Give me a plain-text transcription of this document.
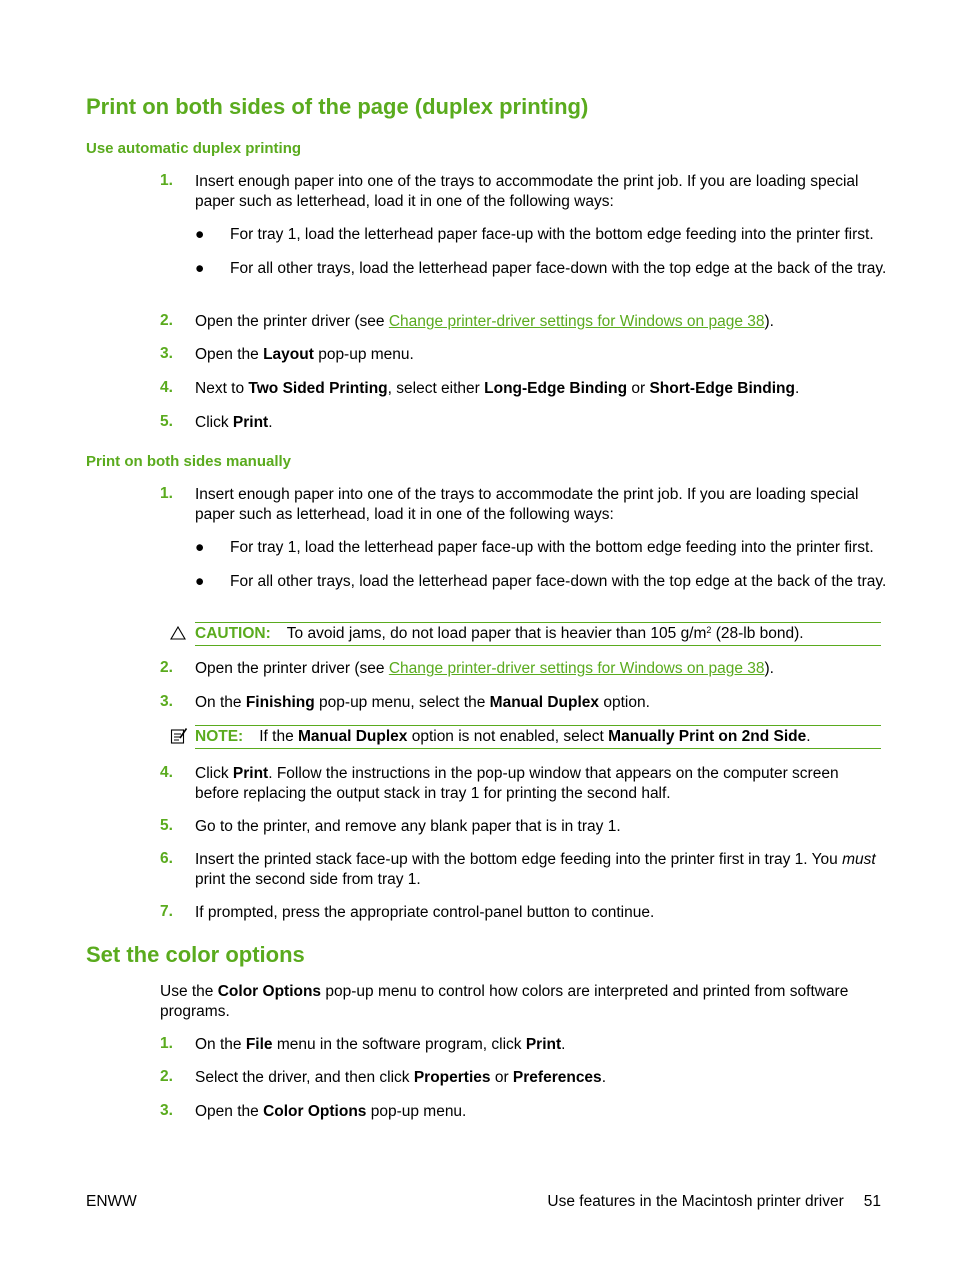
Print on both sides of the page (duplex printing)
Use automatic duplex printing
1. Insert enough paper into one of the trays to accommodate the print job. If you are loading special paper such as letterhead, load it in one of the following ways:
● For tray 1, load the letterhead paper face-up with the bottom edge feeding into the printer first.
● For all other trays, load the letterhead paper face-down with the top edge at the back of the tray.
2. Open the printer driver (see Change printer-driver settings for Windows on page 38).
3. Open the Layout pop-up menu.
4. Next to Two Sided Printing, select either Long-Edge Binding or Short-Edge Binding.
5. Click Print.
Print on both sides manually
1. Insert enough paper into one of the trays to accommodate the print job. If you are loading special paper such as letterhead, load it in one of the following ways:
● For tray 1, load the letterhead paper face-up with the bottom edge feeding into the printer first.
● For all other trays, load the letterhead paper face-down with the top edge at the back of the tray.
CAUTION: To avoid jams, do not load paper that is heavier than 105 $g/m^2$ (28-lb bond).
2. Open the printer driver (see Change printer-driver settings for Windows on page 38).
3. On the Finishing pop-up menu, select the Manual Duplex option.
NOTE: If the Manual Duplex option is not enabled, select Manually Print on 2nd Side.
4. Click Print. Follow the instructions in the pop-up window that appears on the computer screen before replacing the output stack in tray 1 for printing the second half.
5. Go to the printer, and remove any blank paper that is in tray 1.
6. Insert the printed stack face-up with the bottom edge feeding into the printer first in tray 1. You must print the second side from tray 1.
7. If prompted, press the appropriate control-panel button to continue.
Set the color options
Use the Color Options pop-up menu to control how colors are interpreted and printed from software programs.
1. On the File menu in the software program, click Print.
2. Select the driver, and then click Properties or Preferences.
3. Open the Color Options pop-up menu.
ENWW	Use features in the Macintosh printer driver 51
